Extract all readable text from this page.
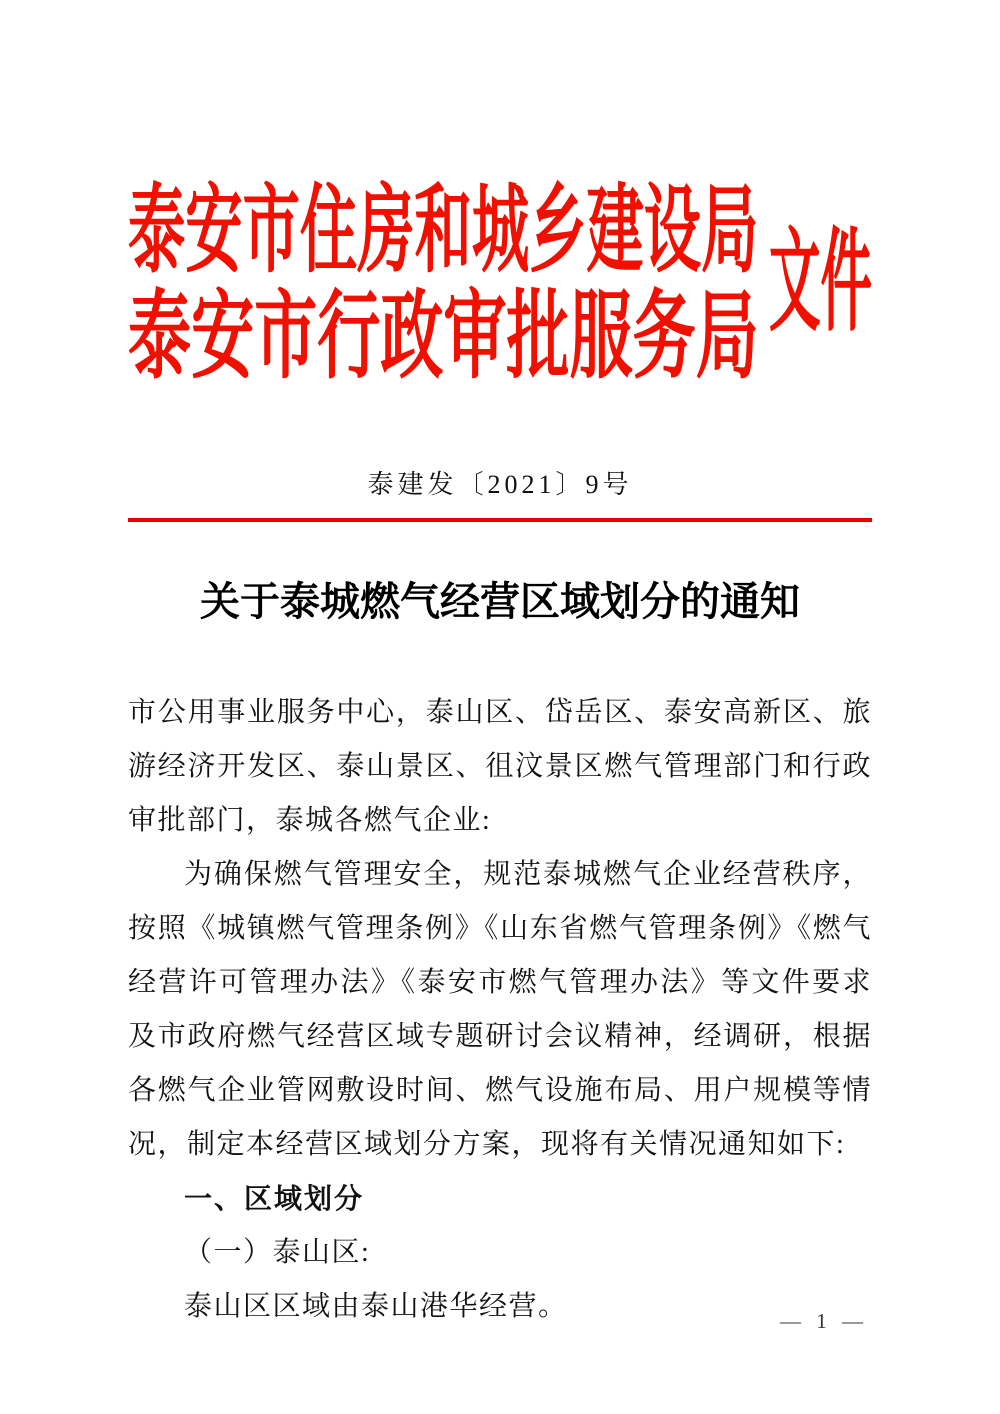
泰安市住房和城乡建设局
泰安市行政审批服务局 文件
泰建发〔2021〕9号
关于泰城燃气经营区域划分的通知

市公用事业服务中心，泰山区、岱岳区、泰安高新区、旅游经济开发区、泰山景区、徂汶景区燃气管理部门和行政审批部门，泰城各燃气企业:

为确保燃气管理安全，规范泰城燃气企业经营秩序，按照《城镇燃气管理条例》《山东省燃气管理条例》《燃气经营许可管理办法》《泰安市燃气管理办法》等文件要求及市政府燃气经营区域专题研讨会议精神，经调研，根据各燃气企业管网敷设时间、燃气设施布局、用户规模等情况，制定本经营区域划分方案，现将有关情况通知如下:

一、区域划分

（一）泰山区:

泰山区区域由泰山港华经营。	— 1 —
